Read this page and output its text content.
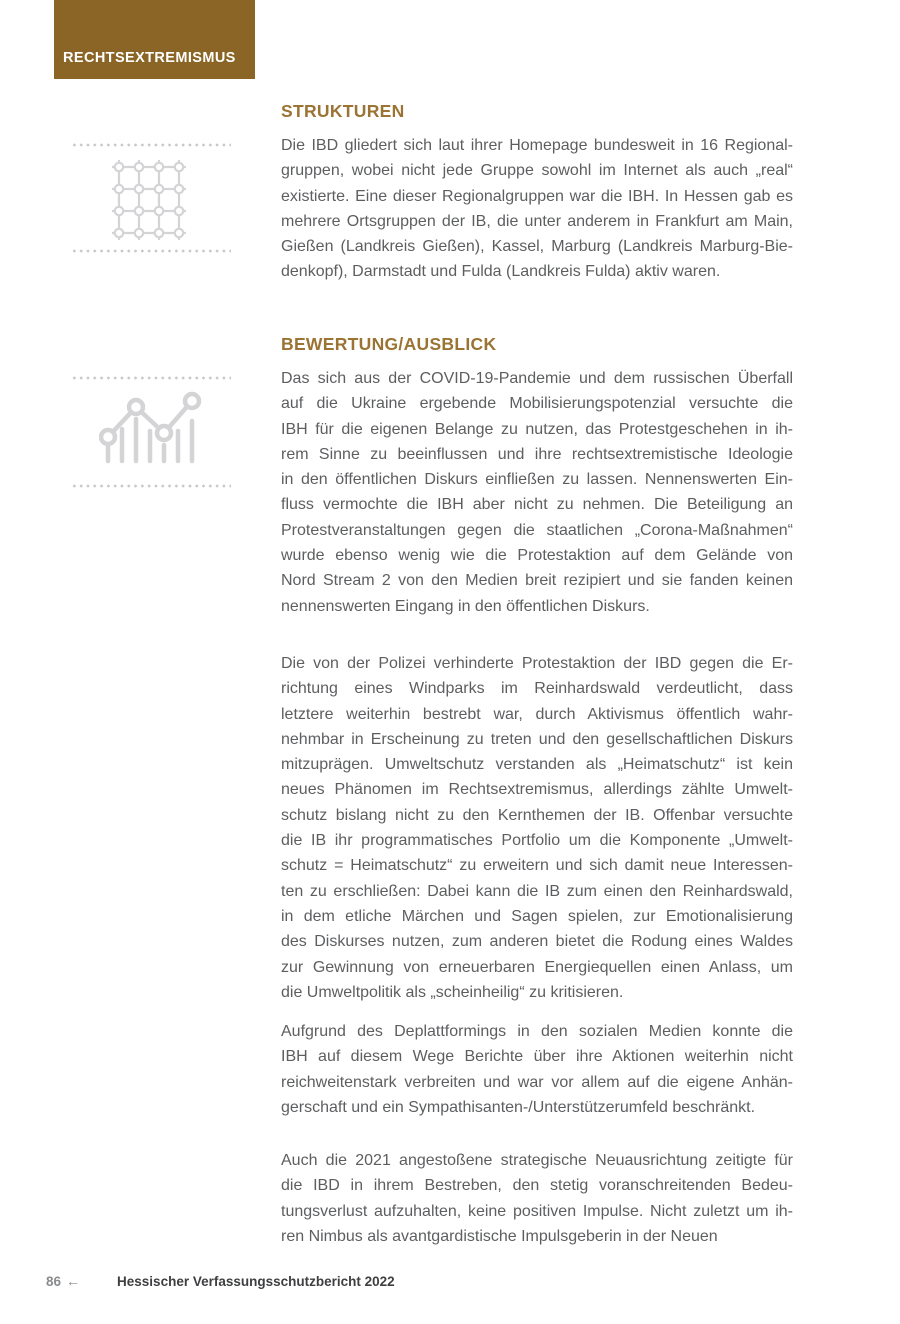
RECHTSEXTREMISMUS
STRUKTUREN
Die IBD gliedert sich laut ihrer Homepage bundesweit in 16 Regional-
gruppen, wobei nicht jede Gruppe sowohl im Internet als auch „real“
existierte. Eine dieser Regionalgruppen war die IBH. In Hessen gab es
mehrere Ortsgruppen der IB, die unter anderem in Frankfurt am Main,
Gießen (Landkreis Gießen), Kassel, Marburg (Landkreis Marburg-Bie-
denkopf), Darmstadt und Fulda (Landkreis Fulda) aktiv waren.
BEWERTUNG/AUSBLICK
Das sich aus der COVID-19-Pandemie und dem russischen Überfall
auf die Ukraine ergebende Mobilisierungspotenzial versuchte die
IBH für die eigenen Belange zu nutzen, das Protestgeschehen in ih-
rem Sinne zu beeinflussen und ihre rechtsextremistische Ideologie
in den öffentlichen Diskurs einfließen zu lassen. Nennenswerten Ein-
fluss vermochte die IBH aber nicht zu nehmen. Die Beteiligung an
Protestveranstaltungen gegen die staatlichen „Corona-Maßnahmen“
wurde ebenso wenig wie die Protestaktion auf dem Gelände von
Nord Stream 2 von den Medien breit rezipiert und sie fanden keinen
nennenswerten Eingang in den öffentlichen Diskurs.
Die von der Polizei verhinderte Protestaktion der IBD gegen die Er-
richtung eines Windparks im Reinhardswald verdeutlicht, dass
letztere weiterhin bestrebt war, durch Aktivismus öffentlich wahr-
nehmbar in Erscheinung zu treten und den gesellschaftlichen Diskurs
mitzuprägen. Umweltschutz verstanden als „Heimatschutz“ ist kein
neues Phänomen im Rechtsextremismus, allerdings zählte Umwelt-
schutz bislang nicht zu den Kernthemen der IB. Offenbar versuchte
die IB ihr programmatisches Portfolio um die Komponente „Umwelt-
schutz = Heimatschutz“ zu erweitern und sich damit neue Interessen-
ten zu erschließen: Dabei kann die IB zum einen den Reinhardswald,
in dem etliche Märchen und Sagen spielen, zur Emotionalisierung
des Diskurses nutzen, zum anderen bietet die Rodung eines Waldes
zur Gewinnung von erneuerbaren Energiequellen einen Anlass, um
die Umweltpolitik als „scheinheilig“ zu kritisieren.
Aufgrund des Deplattformings in den sozialen Medien konnte die
IBH auf diesem Wege Berichte über ihre Aktionen weiterhin nicht
reichweitenstark verbreiten und war vor allem auf die eigene Anhän-
gerschaft und ein Sympathisanten-/Unterstützerumfeld beschränkt.
Auch die 2021 angestoßene strategische Neuausrichtung zeitigte für
die IBD in ihrem Bestreben, den stetig voranschreitenden Bedeu-
tungsverlust aufzuhalten, keine positiven Impulse. Nicht zuletzt um ih-
ren Nimbus als avantgardistische Impulsgeberin in der Neuen
86 ←	Hessischer Verfassungsschutzbericht 2022
